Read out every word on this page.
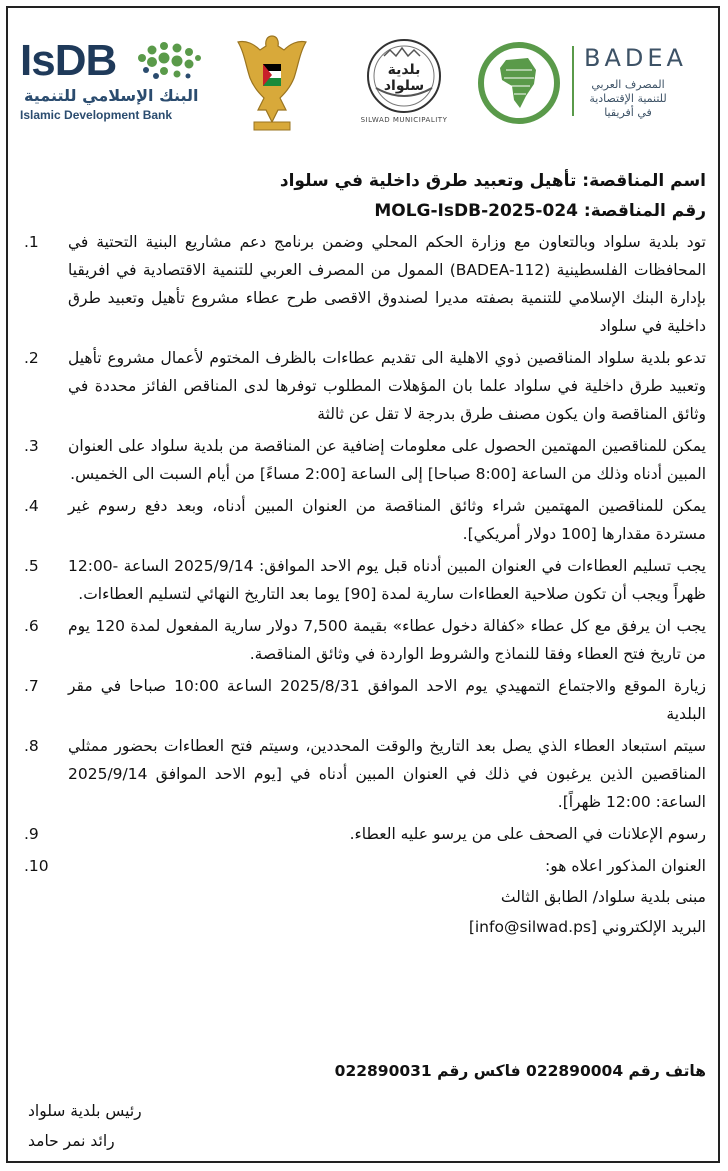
IsDB
البنك الإسلامي للتنمية
Islamic Development Bank
بلدية سلواد
SILWAD MUNICIPALITY
BADEA
المصرف العربي
للتنمية الإقتصادية
في أفريقيا
اسم المناقصة: تأهيل وتعبيد طرق داخلية في سلواد
رقم المناقصة: MOLG-IsDB-2025-024
تود بلدية سلواد وبالتعاون مع وزارة الحكم المحلي وضمن برنامج دعم مشاريع البنية التحتية في المحافظات الفلسطينية (BADEA-112) الممول من المصرف العربي للتنمية الاقتصادية في افريقيا بإدارة البنك الإسلامي للتنمية بصفته مديرا لصندوق الاقصى طرح عطاء مشروع تأهيل وتعبيد طرق داخلية في سلواد
.1
تدعو بلدية سلواد المناقصين ذوي الاهلية الى تقديم عطاءات بالظرف المختوم لأعمال مشروع تأهيل وتعبيد طرق داخلية في سلواد علما بان المؤهلات المطلوب توفرها لدى المناقص الفائز محددة في وثائق المناقصة وان يكون مصنف طرق بدرجة لا تقل عن ثالثة
.2
يمكن للمناقصين المهتمين الحصول على معلومات إضافية عن المناقصة من بلدية سلواد على العنوان المبين أدناه وذلك من الساعة [8:00 صباحا] إلى الساعة [2:00 مساءً] من أيام السبت الى الخميس.
.3
يمكن للمناقصين المهتمين شراء وثائق المناقصة من العنوان المبين أدناه، وبعد دفع رسوم غير مستردة مقدارها [100 دولار أمريكي].
.4
يجب تسليم العطاءات في العنوان المبين أدناه قبل يوم الاحد الموافق: 2025/9/14 الساعة -12:00 ظهراً ويجب أن تكون صلاحية العطاءات سارية لمدة [90] يوما بعد التاريخ النهائي لتسليم العطاءات.
.5
يجب ان يرفق مع كل عطاء «كفالة دخول عطاء» بقيمة 7,500 دولار سارية المفعول لمدة 120 يوم من تاريخ فتح العطاء وفقا للنماذج والشروط الواردة في وثائق المناقصة.
.6
زيارة الموقع والاجتماع التمهيدي يوم الاحد الموافق 2025/8/31 الساعة 10:00 صباحا في مقر البلدية
.7
سيتم استبعاد العطاء الذي يصل بعد التاريخ والوقت المحددين، وسيتم فتح العطاءات بحضور ممثلي المناقصين الذين يرغبون في ذلك في العنوان المبين أدناه في [يوم الاحد الموافق 2025/9/14 الساعة: 12:00 ظهراً].
.8
رسوم الإعلانات في الصحف على من يرسو عليه العطاء.
.9
العنوان المذكور اعلاه هو:
مبنى بلدية سلواد/ الطابق الثالث
البريد الإلكتروني [info@silwad.ps]
.10
هاتف رقم 022890004 فاكس رقم 022890031
رئيس بلدية سلواد
رائد نمر حامد
